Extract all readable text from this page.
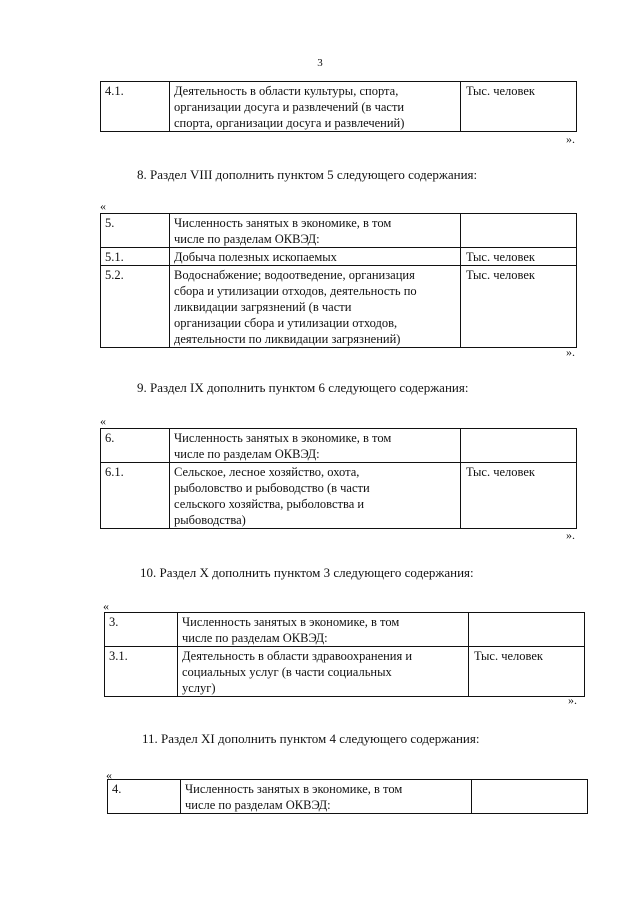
3
4.1.	Деятельность в области культуры, спорта,
организации досуга и развлечений (в части
спорта, организации досуга и развлечений)
	Тыс. человек
».
8. Раздел VIII дополнить пунктом 5 следующего содержания:
«
5.	Численность занятых в экономике, в том
числе по разделам ОКВЭД:	

5.1.	Добыча полезных ископаемых	Тыс. человек
5.2.	Водоснабжение; водоотведение, организация
сбора и утилизации отходов, деятельность по
ликвидации загрязнений (в части
организации сбора и утилизации отходов,
деятельности по ликвидации загрязнений)	Тыс. человек
».
9. Раздел IX дополнить пунктом 6 следующего содержания:
«
6.	Численность занятых в экономике, в том
числе по разделам ОКВЭД:	

6.1.	Сельское, лесное хозяйство, охота,
рыболовство и рыбоводство (в части
сельского хозяйства, рыболовства и
рыбоводства)	Тыс. человек
».
10. Раздел X дополнить пунктом 3 следующего содержания:
«
3.	Численность занятых в экономике, в том
числе по разделам ОКВЭД:	

3.1.	Деятельность в области здравоохранения и
социальных услуг (в части социальных
услуг)	Тыс. человек
».
11. Раздел XI дополнить пунктом 4 следующего содержания:
«
4.	Численность занятых в экономике, в том
числе по разделам ОКВЭД:
